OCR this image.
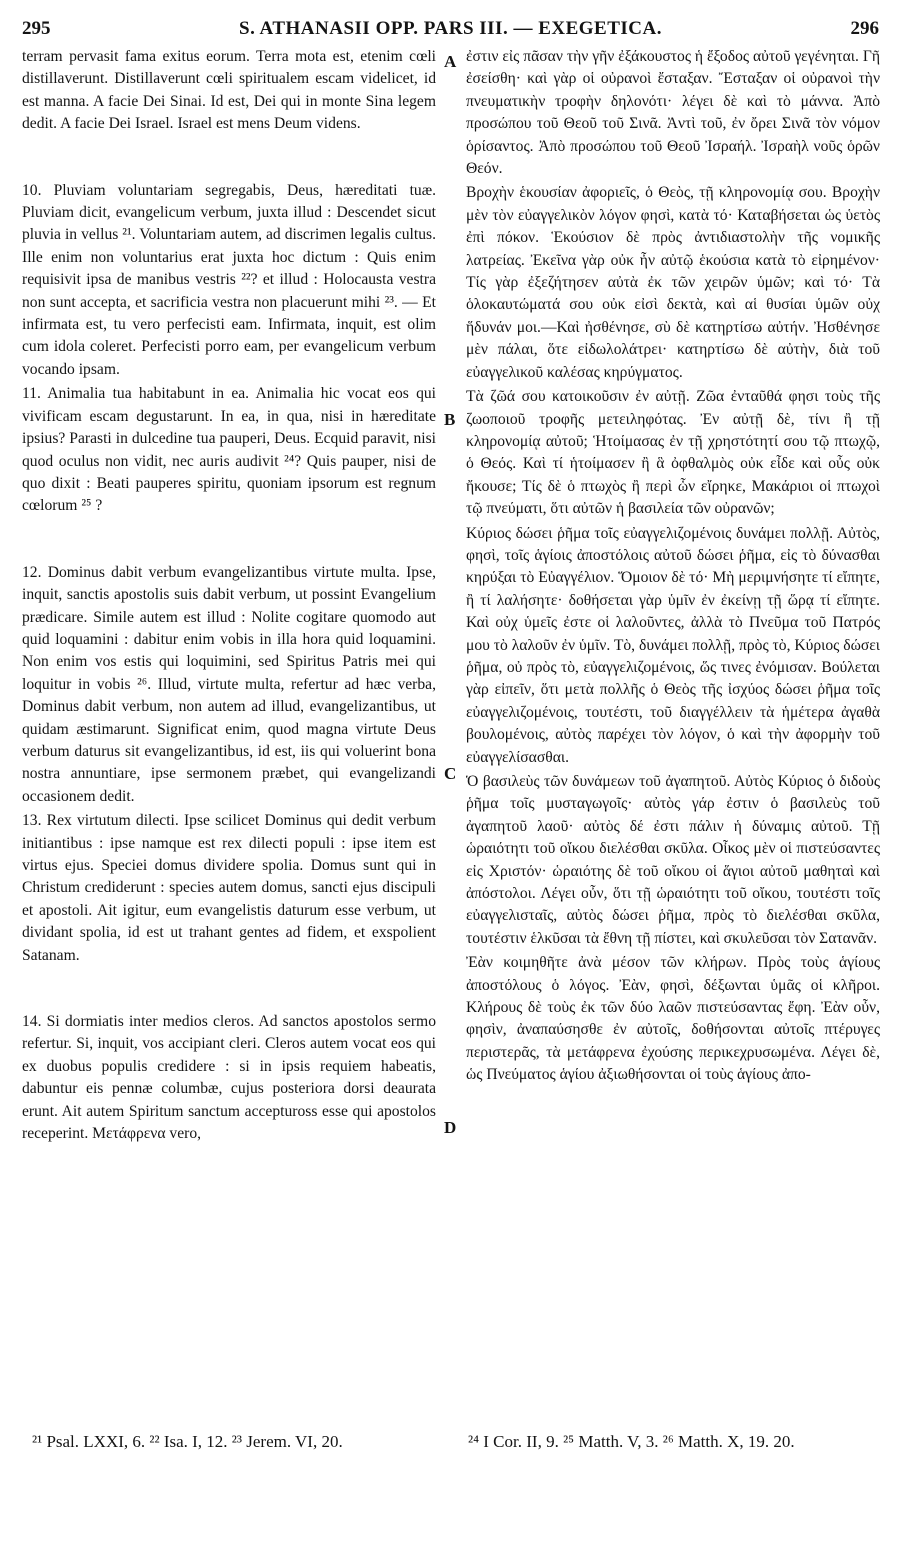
295	S. ATHANASII OPP. PARS III. — EXEGETICA.	296

terram pervasit fama exitus eorum. Terra mota est, etenim cœli distillaverunt. Distillaverunt cœli spiritualem escam videlicet, id est manna. A facie Dei Sinai. Id est, Dei qui in monte Sina legem dedit. A facie Dei Israel. Israel est mens Deum videns.

10. Pluviam voluntariam segregabis, Deus, hæreditati tuæ. Pluviam dicit, evangelicum verbum, juxta illud : Descendet sicut pluvia in vellus ²¹. Voluntariam autem, ad discrimen legalis cultus. Ille enim non voluntarius erat juxta hoc dictum : Quis enim requisivit ipsa de manibus vestris ²²? et illud : Holocausta vestra non sunt accepta, et sacrificia vestra non placuerunt mihi ²³. — Et infirmata est, tu vero perfecisti eam. Infirmata, inquit, est olim cum idola coleret. Perfecisti porro eam, per evangelicum verbum vocando ipsam.

11. Animalia tua habitabunt in ea. Animalia hic vocat eos qui vivificam escam degustarunt. In ea, in qua, nisi in hæreditate ipsius? Parasti in dulcedine tua pauperi, Deus. Ecquid paravit, nisi quod oculus non vidit, nec auris audivit ²⁴? Quis pauper, nisi de quo dixit : Beati pauperes spiritu, quoniam ipsorum est regnum cœlorum ²⁵ ?

12. Dominus dabit verbum evangelizantibus virtute multa. Ipse, inquit, sanctis apostolis suis dabit verbum, ut possint Evangelium prædicare. Simile autem est illud : Nolite cogitare quomodo aut quid loquamini : dabitur enim vobis in illa hora quid loquamini. Non enim vos estis qui loquimini, sed Spiritus Patris mei qui loquitur in vobis ²⁶. Illud, virtute multa, refertur ad hæc verba, Dominus dabit verbum, non autem ad illud, evangelizantibus, ut quidam æstimarunt. Significat enim, quod magna virtute Deus verbum daturus sit evangelizantibus, id est, iis qui voluerint bona nostra annuntiare, ipse sermonem præbet, qui evangelizandi occasionem dedit.

13. Rex virtutum dilecti. Ipse scilicet Dominus qui dedit verbum initiantibus : ipse namque est rex dilecti populi : ipse item est virtus ejus. Speciei domus dividere spolia. Domus sunt qui in Christum crediderunt : species autem domus, sancti ejus discipuli et apostoli. Ait igitur, eum evangelistis daturum esse verbum, ut dividant spolia, id est ut trahant gentes ad fidem, et exspolient Satanam.

14. Si dormiatis inter medios cleros. Ad sanctos apostolos sermo refertur. Si, inquit, vos accipiant cleri. Cleros autem vocat eos qui ex duobus populis credidere : si in ipsis requiem habeatis, dabuntur eis pennæ columbæ, cujus posteriora dorsi deaurata erunt. Ait autem Spiritum sanctum acceptuross esse qui apostolos receperint. Μετάφρενα vero,

A
B
C
D

ἐστιν εἰς πᾶσαν τὴν γῆν ἐξάκουστος ἡ ἔξοδος αὐτοῦ γεγένηται. Γῆ ἐσείσθη· καὶ γὰρ οἱ οὐρανοὶ ἔσταξαν. Ἔσταξαν οἱ οὐρανοὶ τὴν πνευματικὴν τροφὴν δηλονότι· λέγει δὲ καὶ τὸ μάννα. Ἀπὸ προσώπου τοῦ Θεοῦ τοῦ Σινᾶ. Ἀντὶ τοῦ, ἐν ὄρει Σινᾶ τὸν νόμον ὁρίσαντος. Ἀπὸ προσώπου τοῦ Θεοῦ Ἰσραήλ. Ἰσραὴλ νοῦς ὁρῶν Θεόν.

Βροχὴν ἑκουσίαν ἀφοριεῖς, ὁ Θεὸς, τῇ κληρονομίᾳ σου. Βροχὴν μὲν τὸν εὐαγγελικὸν λόγον φησὶ, κατὰ τό· Καταβήσεται ὡς ὑετὸς ἐπὶ πόκον. Ἑκούσιον δὲ πρὸς ἀντιδιαστολὴν τῆς νομικῆς λατρείας. Ἐκεῖνα γὰρ οὐκ ἦν αὐτῷ ἑκούσια κατὰ τὸ εἰρημένον· Τίς γὰρ ἐξεζήτησεν αὐτὰ ἐκ τῶν χειρῶν ὑμῶν; καὶ τό· Τὰ ὁλοκαυτώματά σου οὐκ εἰσὶ δεκτὰ, καὶ αἱ θυσίαι ὑμῶν οὐχ ἥδυνάν μοι.—Καὶ ἠσθένησε, σὺ δὲ κατηρτίσω αὐτήν. Ἠσθένησε μὲν πάλαι, ὅτε εἰδωλολάτρει· κατηρτίσω δὲ αὐτὴν, διὰ τοῦ εὐαγγελικοῦ καλέσας κηρύγματος.

Τὰ ζῶά σου κατοικοῦσιν ἐν αὐτῇ. Ζῶα ἐνταῦθά φησι τοὺς τῆς ζωοποιοῦ τροφῆς μετειληφότας. Ἐν αὐτῇ δὲ, τίνι ἢ τῇ κληρονομίᾳ αὐτοῦ; Ἡτοίμασας ἐν τῇ χρηστότητί σου τῷ πτωχῷ, ὁ Θεός. Καὶ τί ἡτοίμασεν ἢ ἃ ὀφθαλμὸς οὐκ εἶδε καὶ οὖς οὐκ ἤκουσε; Τίς δὲ ὁ πτωχὸς ἢ περὶ ὧν εἴρηκε, Μακάριοι οἱ πτωχοὶ τῷ πνεύματι, ὅτι αὐτῶν ἡ βασιλεία τῶν οὐρανῶν;

Κύριος δώσει ῥῆμα τοῖς εὐαγγελιζομένοις δυνάμει πολλῇ. Αὐτὸς, φησὶ, τοῖς ἁγίοις ἀποστόλοις αὐτοῦ δώσει ῥῆμα, εἰς τὸ δύνασθαι κηρύξαι τὸ Εὐαγγέλιον. Ὅμοιον δὲ τό· Μὴ μεριμνήσητε τί εἴπητε, ἢ τί λαλήσητε· δοθήσεται γὰρ ὑμῖν ἐν ἐκείνῃ τῇ ὥρᾳ τί εἴπητε. Καὶ οὐχ ὑμεῖς ἐστε οἱ λαλοῦντες, ἀλλὰ τὸ Πνεῦμα τοῦ Πατρός μου τὸ λαλοῦν ἐν ὑμῖν. Τὸ, δυνάμει πολλῇ, πρὸς τὸ, Κύριος δώσει ῥῆμα, οὐ πρὸς τὸ, εὐαγγελιζομένοις, ὥς τινες ἐνόμισαν. Βούλεται γὰρ εἰπεῖν, ὅτι μετὰ πολλῆς ὁ Θεὸς τῆς ἰσχύος δώσει ῥῆμα τοῖς εὐαγγελιζομένοις, τουτέστι, τοῦ διαγγέλλειν τὰ ἡμέτερα ἀγαθὰ βουλομένοις, αὐτὸς παρέχει τὸν λόγον, ὁ καὶ τὴν ἀφορμὴν τοῦ εὐαγγελίσασθαι.

Ὁ βασιλεὺς τῶν δυνάμεων τοῦ ἀγαπητοῦ. Αὐτὸς Κύριος ὁ διδοὺς ῥῆμα τοῖς μυσταγωγοῖς· αὐτὸς γάρ ἐστιν ὁ βασιλεὺς τοῦ ἀγαπητοῦ λαοῦ· αὐτὸς δέ ἐστι πάλιν ἡ δύναμις αὐτοῦ. Τῇ ὡραιότητι τοῦ οἴκου διελέσθαι σκῦλα. Οἶκος μὲν οἱ πιστεύσαντες εἰς Χριστόν· ὡραιότης δὲ τοῦ οἴκου οἱ ἅγιοι αὐτοῦ μαθηταὶ καὶ ἀπόστολοι. Λέγει οὖν, ὅτι τῇ ὡραιότητι τοῦ οἴκου, τουτέστι τοῖς εὐαγγελισταῖς, αὐτὸς δώσει ῥῆμα, πρὸς τὸ διελέσθαι σκῦλα, τουτέστιν ἑλκῦσαι τὰ ἔθνη τῇ πίστει, καὶ σκυλεῦσαι τὸν Σατανᾶν.

Ἐὰν κοιμηθῆτε ἀνὰ μέσον τῶν κλήρων. Πρὸς τοὺς ἁγίους ἀποστόλους ὁ λόγος. Ἐὰν, φησὶ, δέξωνται ὑμᾶς οἱ κλῆροι. Κλήρους δὲ τοὺς ἐκ τῶν δύο λαῶν πιστεύσαντας ἔφη. Ἐὰν οὖν, φησὶν, ἀναπαύσησθε ἐν αὐτοῖς, δοθήσονται αὐτοῖς πτέρυγες περιστερᾶς, τὰ μετάφρενα ἐχούσης περικεχρυσωμένα. Λέγει δὲ, ὡς Πνεύματος ἁγίου ἀξιωθήσονται οἱ τοὺς ἁγίους ἀπο-

²¹ Psal. LXXI, 6. ²² Isa. I, 12. ²³ Jerem. VI, 20.	²⁴ I Cor. II, 9. ²⁵ Matth. V, 3. ²⁶ Matth. X, 19. 20.
